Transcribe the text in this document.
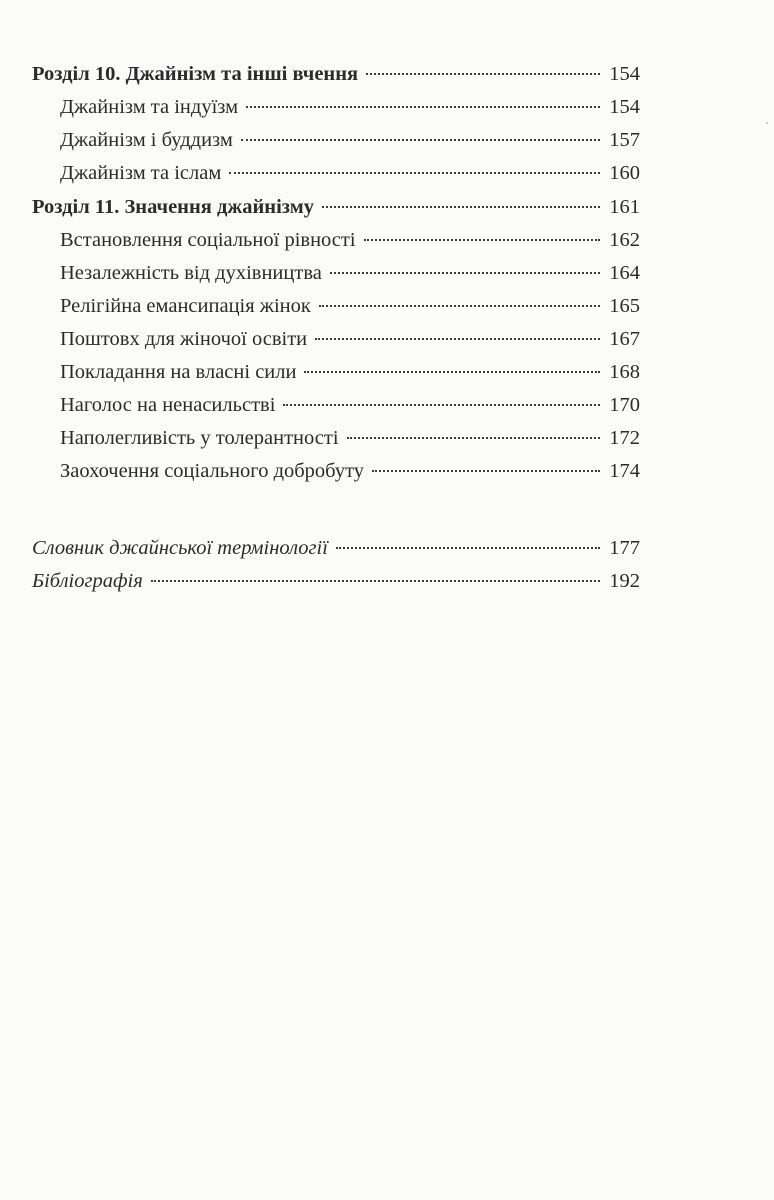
Розділ 10. Джайнізм та інші вчення	154
Джайнізм та індуїзм	154
Джайнізм і буддизм	157
Джайнізм та іслам	160
Розділ 11. Значення джайнізму	161
Встановлення соціальної рівності	162
Незалежність від духівництва	164
Релігійна емансипація жінок	165
Поштовх для жіночої освіти	167
Покладання на власні сили	168
Наголос на ненасильстві	170
Наполегливість у толерантності	172
Заохочення соціального добробуту	174
Словник джайнської термінології	177
Бібліографія	192
